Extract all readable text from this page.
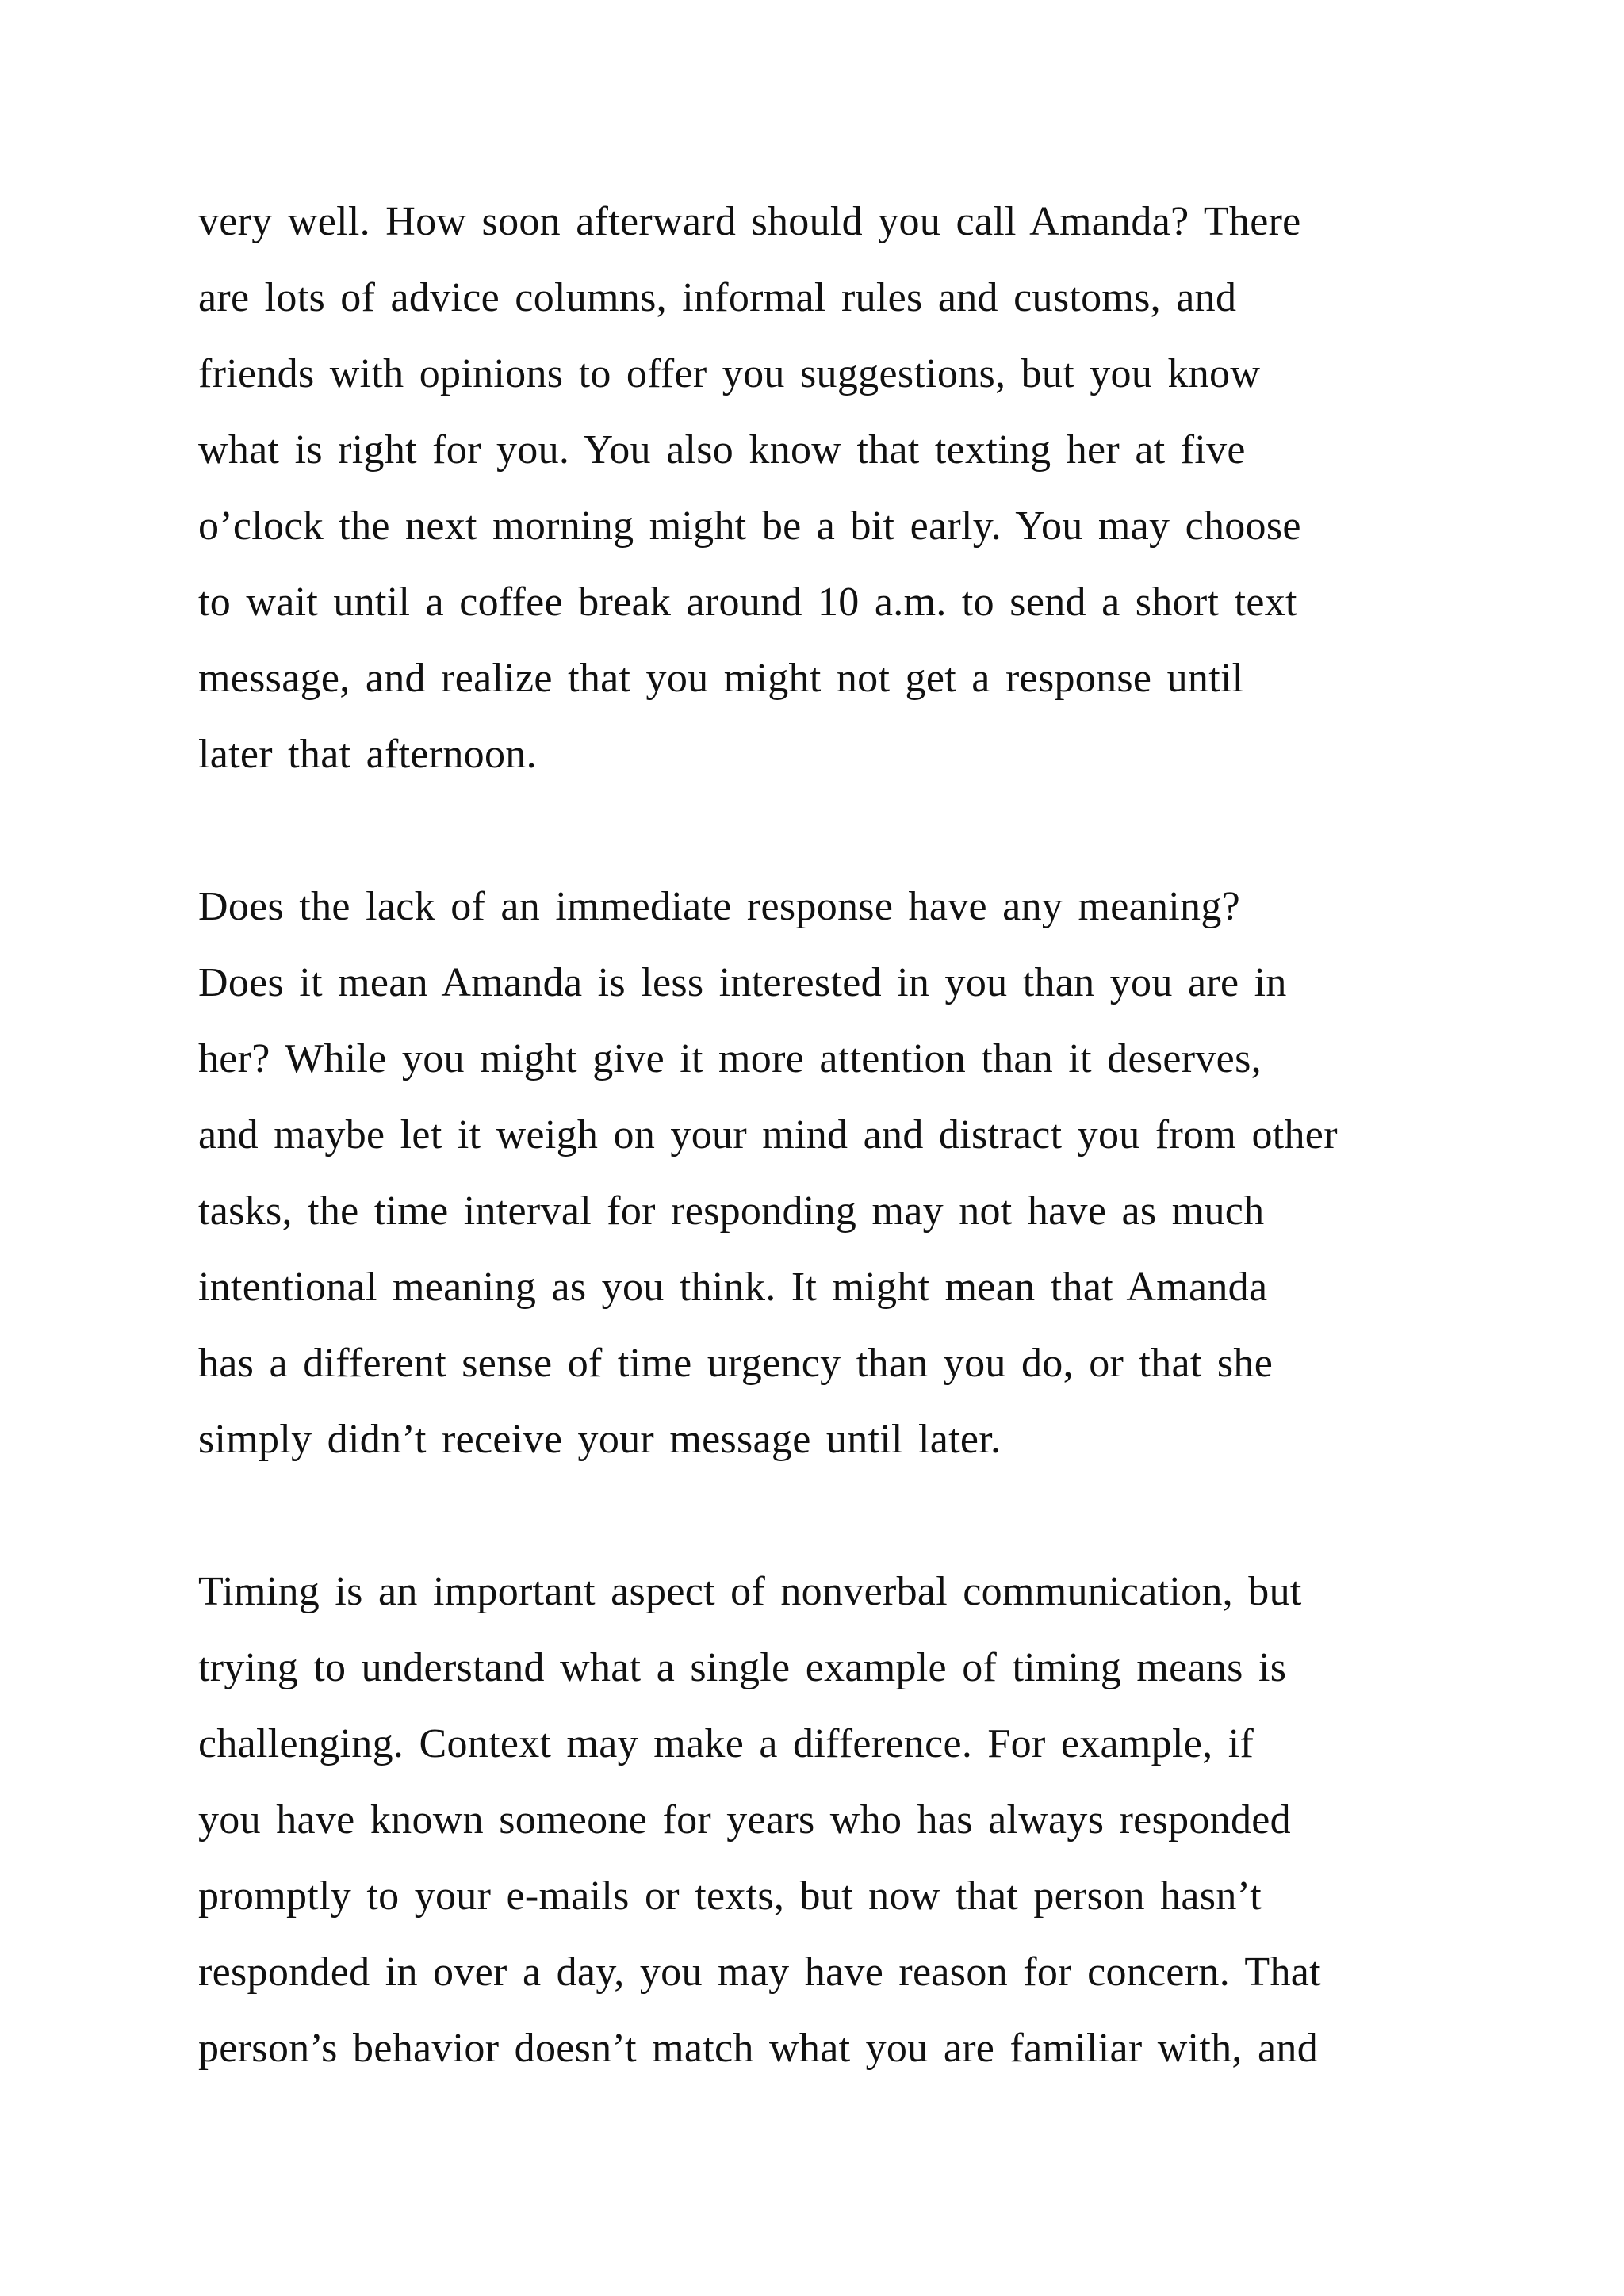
very well. How soon afterward should you call Amanda? There
are lots of advice columns, informal rules and customs, and
friends with opinions to offer you suggestions, but you know
what is right for you. You also know that texting her at five
o’clock the next morning might be a bit early. You may choose
to wait until a coffee break around 10 a.m. to send a short text
message, and realize that you might not get a response until
later that afternoon.
Does the lack of an immediate response have any meaning?
Does it mean Amanda is less interested in you than you are in
her? While you might give it more attention than it deserves,
and maybe let it weigh on your mind and distract you from other
tasks, the time interval for responding may not have as much
intentional meaning as you think. It might mean that Amanda
has a different sense of time urgency than you do, or that she
simply didn’t receive your message until later.
Timing is an important aspect of nonverbal communication, but
trying to understand what a single example of timing means is
challenging. Context may make a difference. For example, if
you have known someone for years who has always responded
promptly to your e-mails or texts, but now that person hasn’t
responded in over a day, you may have reason for concern. That
person’s behavior doesn’t match what you are familiar with, and
